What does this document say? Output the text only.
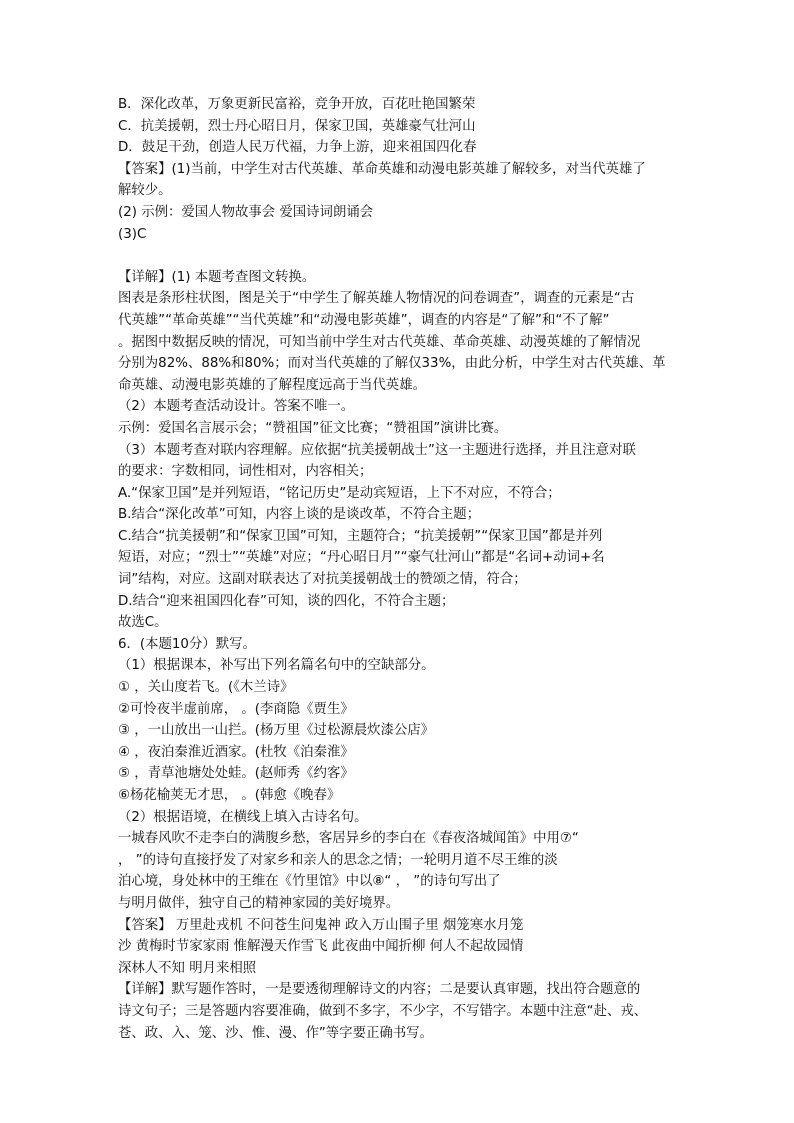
B．深化改革，万象更新民富裕，竞争开放，百花吐艳国繁荣
C．抗美援朝，烈士丹心昭日月，保家卫国，英雄豪气壮河山
D．鼓足干劲，创造人民万代福，力争上游，迎来祖国四化春
【答案】(1)当前，中学生对古代英雄、革命英雄和动漫电影英雄了解较多，对当代英雄了
解较少。
(2) 示例：爱国人物故事会 爱国诗词朗诵会
(3)C
【详解】(1) 本题考查图文转换。
图表是条形柱状图，图是关于“中学生了解英雄人物情况的问卷调查”，调查的元素是“古
代英雄”“革命英雄”“当代英雄”和“动漫电影英雄”，调查的内容是“了解”和“不了解”
。据图中数据反映的情况，可知当前中学生对古代英雄、革命英雄、动漫英雄的了解情况
分别为82%、88%和80%；而对当代英雄的了解仅33%，由此分析，中学生对古代英雄、革
命英雄、动漫电影英雄的了解程度远高于当代英雄。
（2）本题考查活动设计。答案不唯一。
示例：爱国名言展示会；“赞祖国”征文比赛；“赞祖国”演讲比赛。
（3）本题考查对联内容理解。应依据“抗美援朝战士”这一主题进行选择，并且注意对联
的要求：字数相同，词性相对，内容相关；
A.“保家卫国”是并列短语，“铭记历史”是动宾短语，上下不对应，不符合；
B.结合“深化改革”可知，内容上谈的是谈改革，不符合主题；
C.结合“抗美援朝”和“保家卫国”可知，主题符合；“抗美援朝”“保家卫国”都是并列
短语，对应；“烈士”“英雄”对应；“丹心昭日月”“豪气壮河山”都是“名词+动词+名
词”结构，对应。这副对联表达了对抗美援朝战士的赞颂之情，符合；
D.结合“迎来祖国四化春”可知，谈的四化，不符合主题；
故选C。
6．(本题10分）默写。
（1）根据课本，补写出下列名篇名句中的空缺部分。
① ，关山度若飞。(《木兰诗》
②可怜夜半虚前席， 。(李商隐《贾生》
③ ，一山放出一山拦。(杨万里《过松源晨炊漆公店》
④ ，夜泊秦淮近酒家。(杜牧《泊秦淮》
⑤ ，青草池塘处处蛙。(赵师秀《约客》
⑥杨花榆荚无才思， 。(韩愈《晚春》
（2）根据语境，在横线上填入古诗名句。
一城春风吹不走李白的满腹乡愁，客居异乡的李白在《春夜洛城闻笛》中用⑦“
， ”的诗句直接抒发了对家乡和亲人的思念之情；一轮明月道不尽王维的淡
泊心境，身处林中的王维在《竹里馆》中以⑧“ ， ”的诗句写出了
与明月做伴，独守自己的精神家园的美好境界。
【答案】 万里赴戎机 不问苍生问鬼神 政入万山围子里 烟笼寒水月笼
沙 黄梅时节家家雨 惟解漫天作雪飞 此夜曲中闻折柳 何人不起故园情
深林人不知 明月来相照
【详解】默写题作答时，一是要透彻理解诗文的内容；二是要认真审题，找出符合题意的
诗文句子；三是答题内容要准确，做到不多字，不少字，不写错字。本题中注意“赴、戎、
苍、政、入、笼、沙、惟、漫、作”等字要正确书写。
